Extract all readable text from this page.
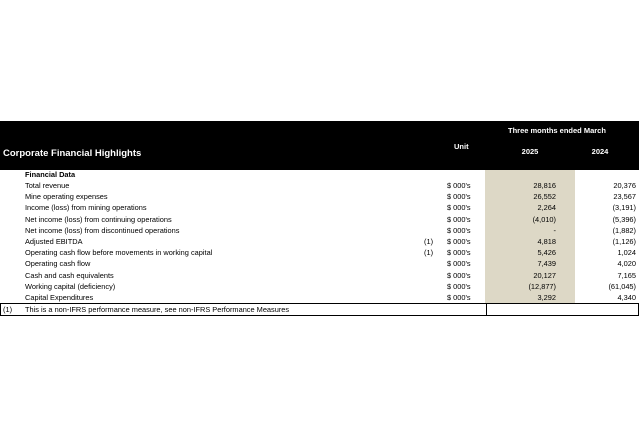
Corporate Financial Highlights
Three months ended March
Unit
2025	2024
Financial Data
Total revenue	$ 000's	28,816	20,376
Mine operating expenses	$ 000's	26,552	23,567
Income (loss) from mining operations	$ 000's	2,264	(3,191)
Net income (loss) from continuing operations	$ 000's	(4,010)	(5,396)
Net income (loss) from discontinued operations	$ 000's	-	(1,882)
Adjusted EBITDA	(1) $ 000's	4,818	(1,126)
Operating cash flow before movements in working capital	(1) $ 000's	5,426	1,024
Operating cash flow	$ 000's	7,439	4,020
Cash and cash equivalents	$ 000's	20,127	7,165
Working capital (deficiency)	$ 000's	(12,877)	(61,045)
Capital Expenditures	$ 000's	3,292	4,340
(1) This is a non-IFRS performance measure, see non-IFRS Performance Measures
